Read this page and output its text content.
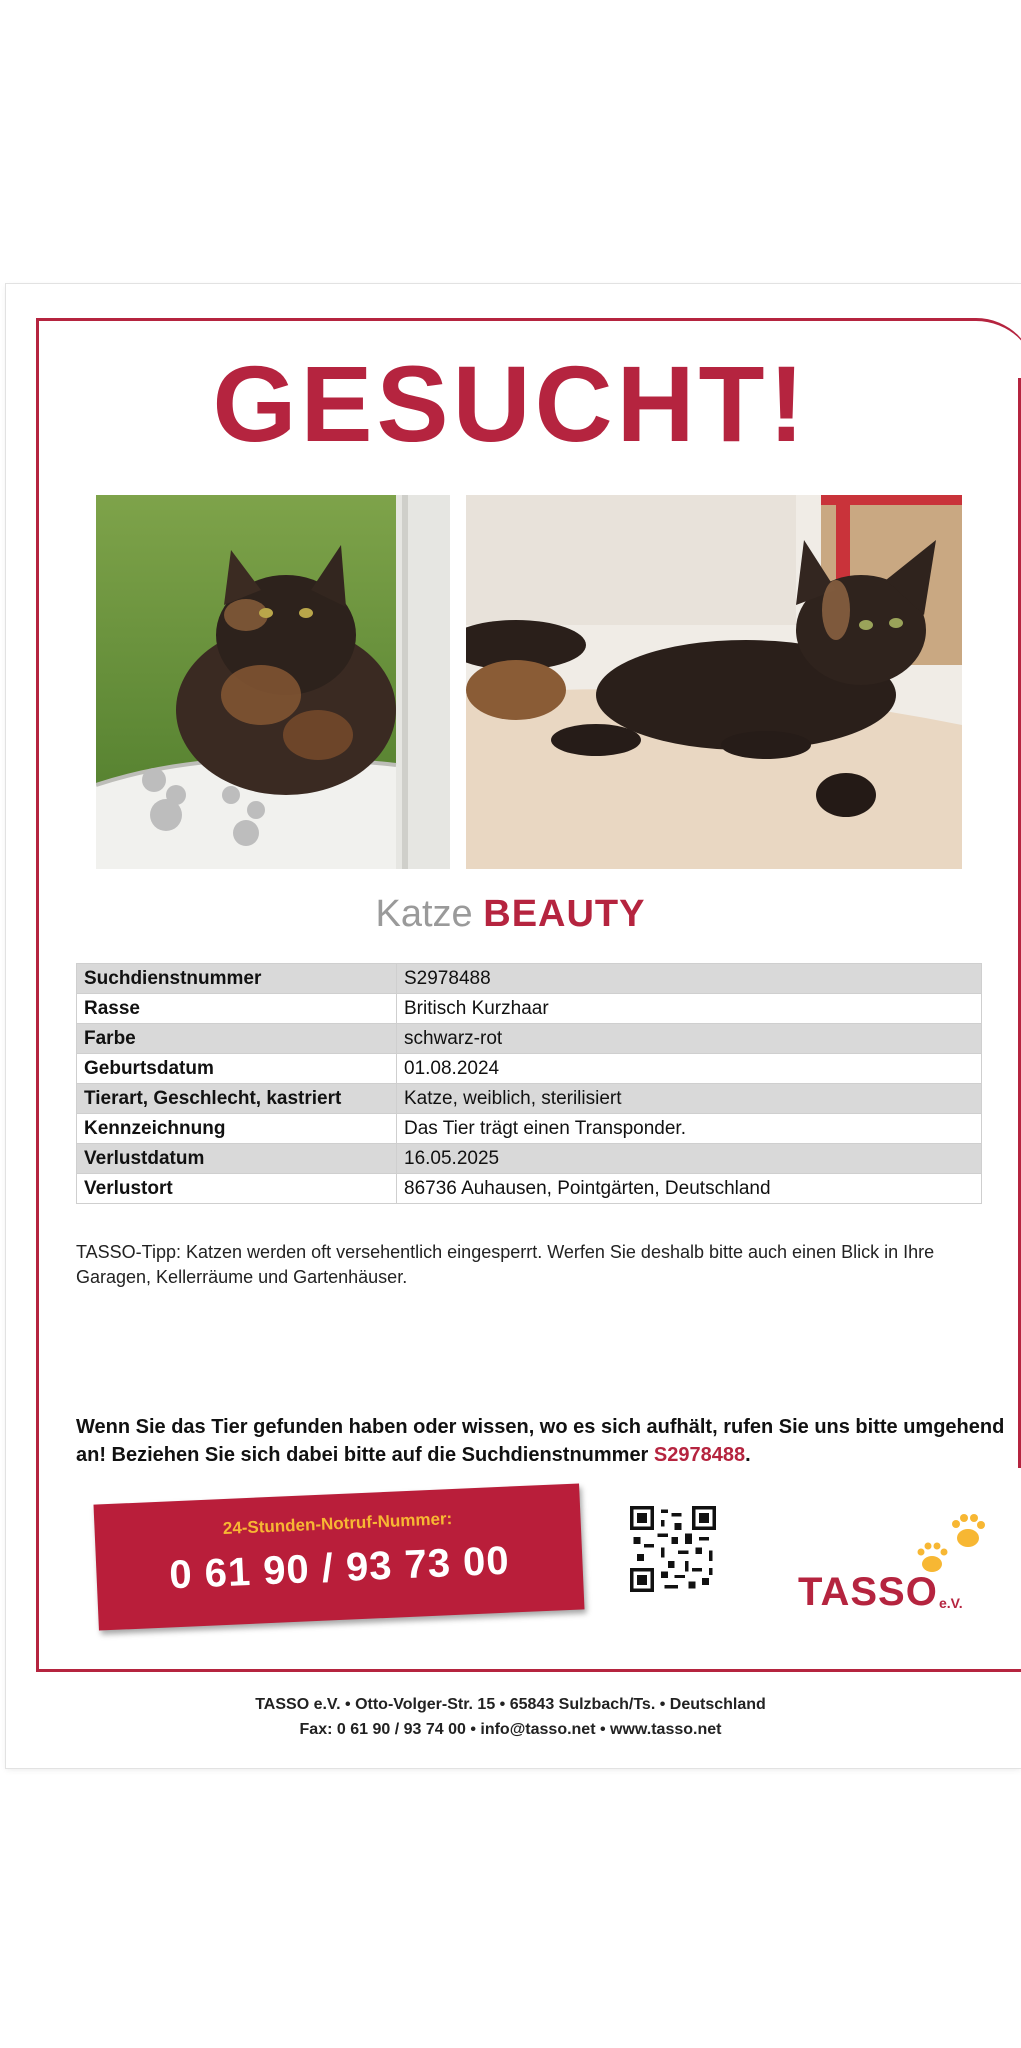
GESUCHT!
Katze BEAUTY
Suchdienstnummer	S2978488
Rasse	Britisch Kurzhaar
Farbe	schwarz-rot
Geburtsdatum	01.08.2024
Tierart, Geschlecht, kastriert	Katze, weiblich, sterilisiert
Kennzeichnung	Das Tier trägt einen Transponder.
Verlustdatum	16.05.2025
Verlustort	86736 Auhausen, Pointgärten, Deutschland
TASSO-Tipp: Katzen werden oft versehentlich eingesperrt. Werfen Sie deshalb bitte auch einen Blick in Ihre Garagen, Kellerräume und Gartenhäuser.
Wenn Sie das Tier gefunden haben oder wissen, wo es sich aufhält, rufen Sie uns bitte umgehend an! Beziehen Sie sich dabei bitte auf die Suchdienstnummer S2978488.
24-Stunden-Notruf-Nummer:
0 61 90 / 93 73 00	TASSO e.V.
TASSO e.V. • Otto-Volger-Str. 15 • 65843 Sulzbach/Ts. • Deutschland
Fax: 0 61 90 / 93 74 00 • info@tasso.net • www.tasso.net
